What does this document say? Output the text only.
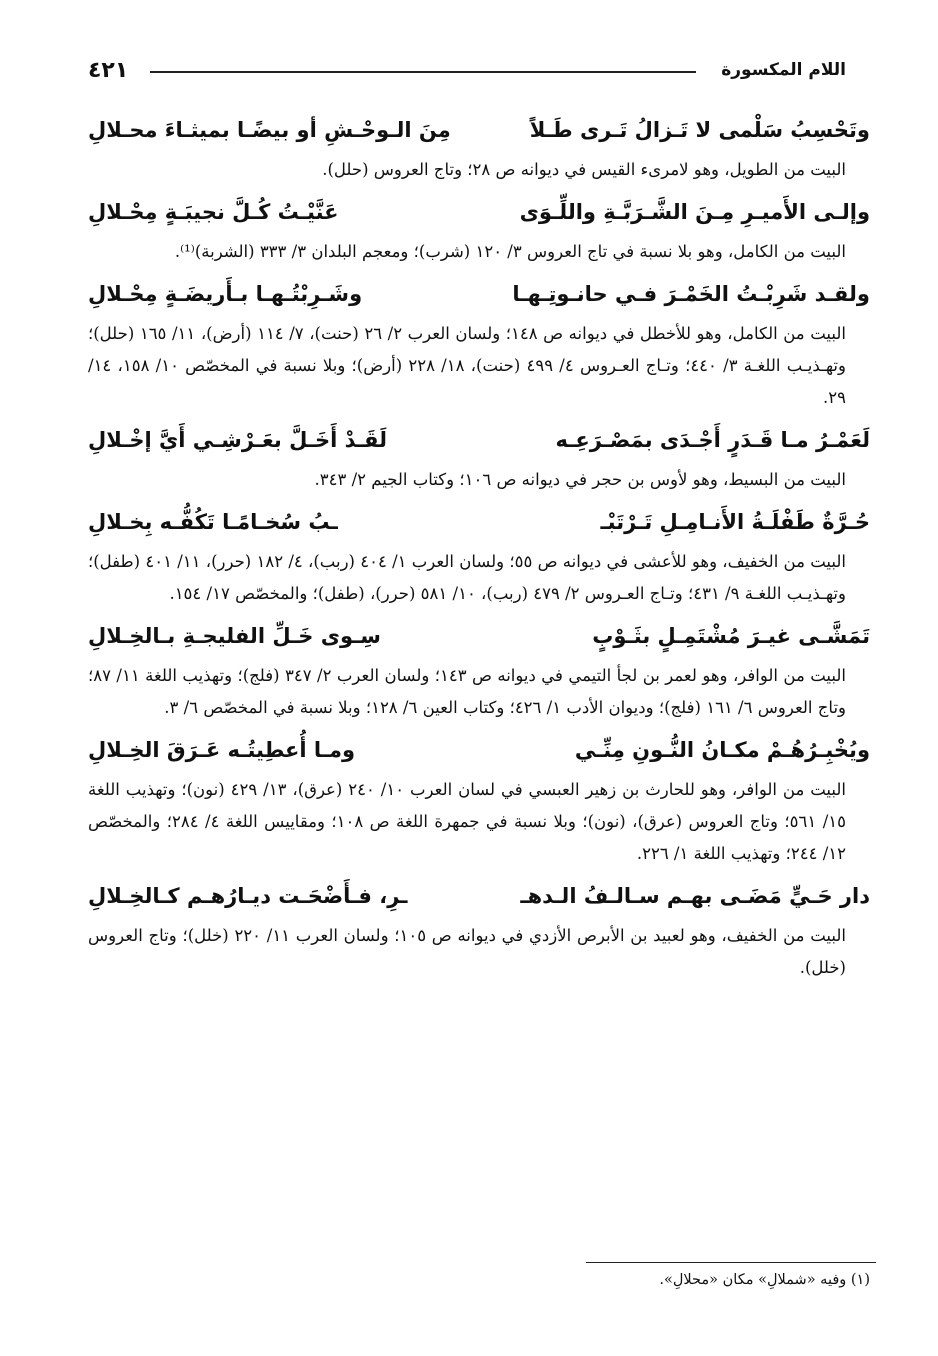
اللام المكسورة
٤٢١
وتَحْسِبُ سَلْمى لا تَـزالُ تَـرى طَـلاً
مِنَ الـوحْـشِ أو بيضًـا بميثـاءَ محـلالِ
البيت من الطويل، وهو لامرىء القيس في ديوانه ص ٢٨؛ وتاج العروس (حلل).
وإلـى الأَميـرِ مِـنَ الشَّـرَبَّـةِ واللِّـوَى
عَنَّيْـتُ كُـلَّ نجيبَـةٍ مِحْـلالِ
البيت من الكامل، وهو بلا نسبة في تاج العروس ٣/ ١٢٠ (شرب)؛ ومعجم البلدان ٣/ ٣٣٣ (الشربة)⁽¹⁾.
ولقـد شَرِبْـتُ الخَمْـرَ فـي حانـوتِـهـا
وشَـرِبْتُـهـا بـأَريضَـةٍ مِحْـلالِ
البيت من الكامل، وهو للأخطل في ديوانه ص ١٤٨؛ ولسان العرب ٢/ ٢٦ (حنت)، ٧/ ١١٤ (أرض)، ١١/ ١٦٥ (حلل)؛ وتهـذيـب اللغـة ٣/ ٤٤٠؛ وتـاج العـروس ٤/ ٤٩٩ (حنت)، ١٨/ ٢٢٨ (أرض)؛ وبلا نسبة في المخصّص ١٠/ ١٥٨، ١٤/ ٢٩.
لَعَمْـرُ مـا قَـدَرٍ أَجْـدَى بمَصْـرَعِـه
لَقَـدْ أَخَـلَّ بعَـرْشِـي أَيَّ إخْـلالِ
البيت من البسيط، وهو لأوس بن حجر في ديوانه ص ١٠٦؛ وكتاب الجيم ٢/ ٣٤٣.
حُـرَّةٌ طَفْلَـةُ الأَنـامِـلِ تَـرْتَبْـ
ـبُ سُخـامًـا تَكُفُّـه بِخـلالِ
البيت من الخفيف، وهو للأعشى في ديوانه ص ٥٥؛ ولسان العرب ١/ ٤٠٤ (ربب)، ٤/ ١٨٢ (حرر)، ١١/ ٤٠١ (طفل)؛ وتهـذيـب اللغـة ٩/ ٤٣١؛ وتـاج العـروس ٢/ ٤٧٩ (ربب)، ١٠/ ٥٨١ (حرر)، (طفل)؛ والمخصّص ١٧/ ١٥٤.
تَمَشَّـى غيـرَ مُشْتَمِـلٍ بثَـوْبٍ
سِـوى خَـلِّ الفليجـةِ بـالخِـلالِ
البيت من الوافر، وهو لعمر بن لجأ التيمي في ديوانه ص ١٤٣؛ ولسان العرب ٢/ ٣٤٧ (فلج)؛ وتهذيب اللغة ١١/ ٨٧؛ وتاج العروس ٦/ ١٦١ (فلج)؛ وديوان الأدب ١/ ٤٢٦؛ وكتاب العين ٦/ ١٢٨؛ وبلا نسبة في المخصّص ٦/ ٣.
ويُخْبِـرُهُـمْ مكـانُ النُّـونِ مِنِّـي
ومـا أُعطِيتُـه عَـرَقَ الخِـلالِ
البيت من الوافر، وهو للحارث بن زهير العبسي في لسان العرب ١٠/ ٢٤٠ (عرق)، ١٣/ ٤٢٩ (نون)؛ وتهذيب اللغة ١٥/ ٥٦١؛ وتاج العروس (عرق)، (نون)؛ وبلا نسبة في جمهرة اللغة ص ١٠٨؛ ومقاييس اللغة ٤/ ٢٨٤؛ والمخصّص ١٢/ ٢٤٤؛ وتهذيب اللغة ١/ ٢٢٦.
دار حَـيٍّ مَضَـى بهـم سـالـفُ الـدهـ
ـرِ، فـأَضْحَـت ديـارُهـم كـالخِـلالِ
البيت من الخفيف، وهو لعبيد بن الأبرص الأزدي في ديوانه ص ١٠٥؛ ولسان العرب ١١/ ٢٢٠ (خلل)؛ وتاج العروس (خلل).
(١) وفيه «شملالِ» مكان «محلالِ».
